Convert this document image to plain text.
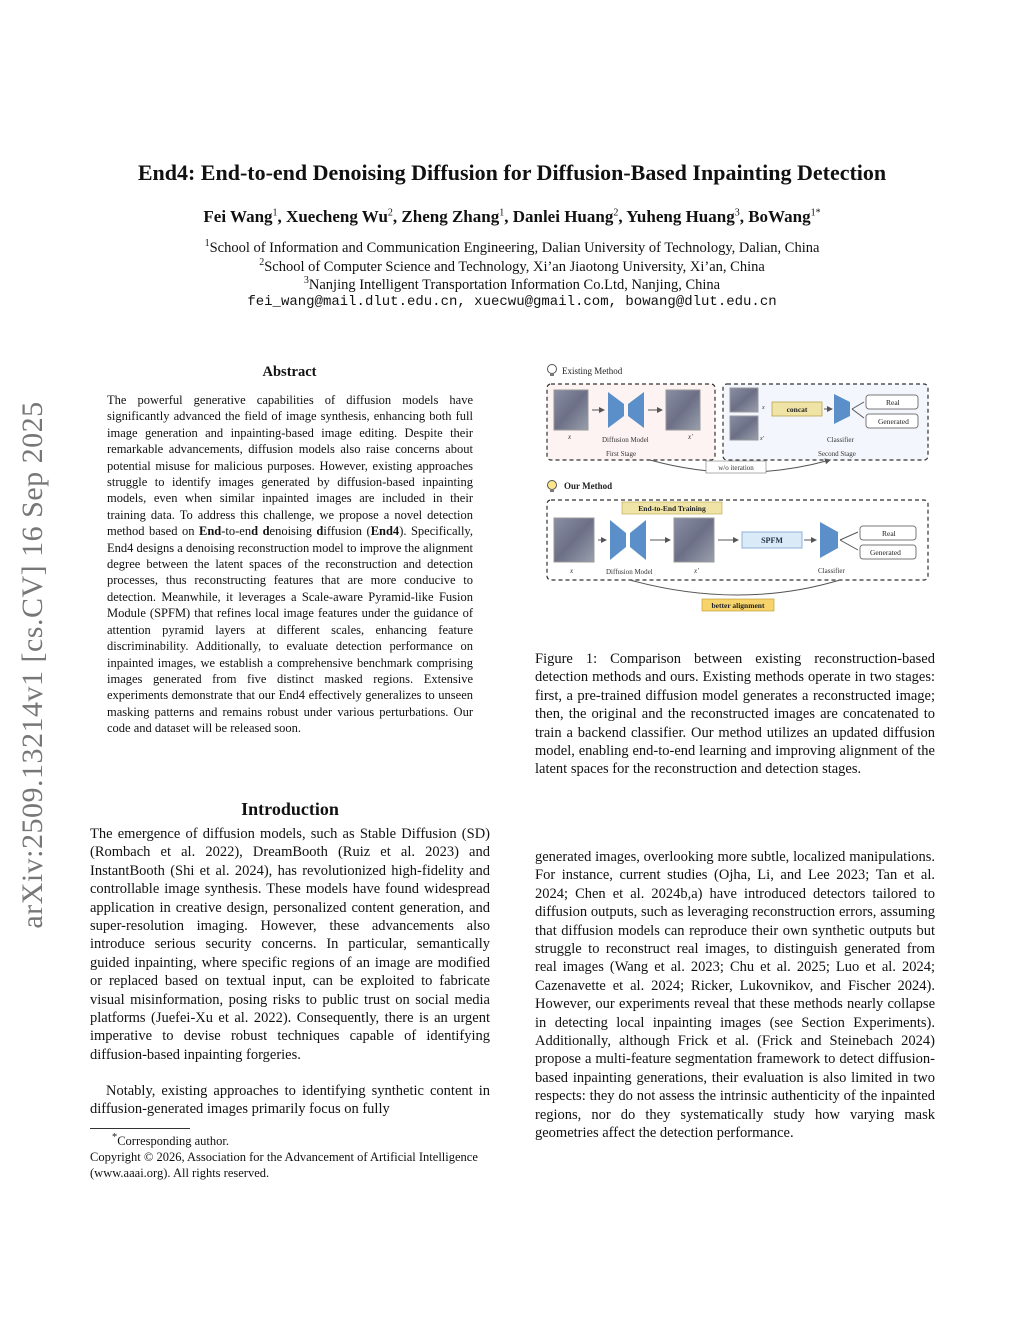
End4: End-to-end Denoising Diffusion for Diffusion-Based Inpainting Detection
Fei Wang$^1$, Xuecheng Wu$^2$, Zheng Zhang$^1$, Danlei Huang$^2$, Yuheng Huang$^3$, BoWang$^{1*}$
$^1$School of Information and Communication Engineering, Dalian University of Technology, Dalian, China
$^2$School of Computer Science and Technology, Xi’an Jiaotong University, Xi’an, China
$^3$Nanjing Intelligent Transportation Information Co.Ltd, Nanjing, China
fei_wang@mail.dlut.edu.cn, xuecwu@gmail.com, bowang@dlut.edu.cn
arXiv:2509.13214v1 [cs.CV] 16 Sep 2025
Abstract
The powerful generative capabilities of diffusion models have significantly advanced the field of image synthesis, enhancing both full image generation and inpainting-based image editing. Despite their remarkable advancements, diffusion models also raise concerns about potential misuse for malicious purposes. However, existing approaches struggle to identify images generated by diffusion-based inpainting models, even when similar inpainted images are included in their training data. To address this challenge, we propose a novel detection method based on End-to-end denoising diffusion (End4). Specifically, End4 designs a denoising reconstruction model to improve the alignment degree between the latent spaces of the reconstruction and detection processes, thus reconstructing features that are more conducive to detection. Meanwhile, it leverages a Scale-aware Pyramid-like Fusion Module (SPFM) that refines local image features under the guidance of attention pyramid layers at different scales, enhancing feature discriminability. Additionally, to evaluate detection performance on inpainted images, we establish a comprehensive benchmark comprising images generated from five distinct masked regions. Extensive experiments demonstrate that our End4 effectively generalizes to unseen masking patterns and remains robust under various perturbations. Our code and dataset will be released soon.
Introduction
The emergence of diffusion models, such as Stable Diffusion (SD) (Rombach et al. 2022), DreamBooth (Ruiz et al. 2023) and InstantBooth (Shi et al. 2024), has revolutionized high-fidelity and controllable image synthesis. These models have found widespread application in creative design, personalized content generation, and super-resolution imaging. However, these advancements also introduce serious security concerns. In particular, semantically guided inpainting, where specific regions of an image are modified or replaced based on textual input, can be exploited to fabricate visual misinformation, posing risks to public trust on social media platforms (Juefei-Xu et al. 2022). Consequently, there is an urgent imperative to devise robust techniques capable of identifying diffusion-based inpainting forgeries.
Notably, existing approaches to identifying synthetic content in diffusion-generated images primarily focus on fully
*Corresponding author.
Copyright © 2026, Association for the Advancement of Artificial Intelligence (www.aaai.org). All rights reserved.
Existing Method
x	Diffusion Model	x′
First Stage
x
x′
concat
Classifier
Real
Generated
Second Stage
w/o iteration
Our Method
End-to-End Training
x	Diffusion Model	x′
SPFM
Classifier
Real
Generated
better alignment
Figure 1: Comparison between existing reconstruction-based detection methods and ours. Existing methods operate in two stages: first, a pre-trained diffusion model generates a reconstructed image; then, the original and the reconstructed images are concatenated to train a backend classifier. Our method utilizes an updated diffusion model, enabling end-to-end learning and improving alignment of the latent spaces for the reconstruction and detection stages.
generated images, overlooking more subtle, localized manipulations. For instance, current studies (Ojha, Li, and Lee 2023; Tan et al. 2024; Chen et al. 2024b,a) have introduced detectors tailored to diffusion outputs, such as leveraging reconstruction errors, assuming that diffusion models can reproduce their own synthetic outputs but struggle to reconstruct real images, to distinguish generated from real images (Wang et al. 2023; Chu et al. 2025; Luo et al. 2024; Cazenavette et al. 2024; Ricker, Lukovnikov, and Fischer 2024). However, our experiments reveal that these methods nearly collapse in detecting local inpainting images (see Section Experiments). Additionally, although Frick et al. (Frick and Steinebach 2024) propose a multi-feature segmentation framework to detect diffusion-based inpainting generations, their evaluation is also limited in two respects: they do not assess the intrinsic authenticity of the inpainted regions, nor do they systematically study how varying mask geometries affect the detection performance.
